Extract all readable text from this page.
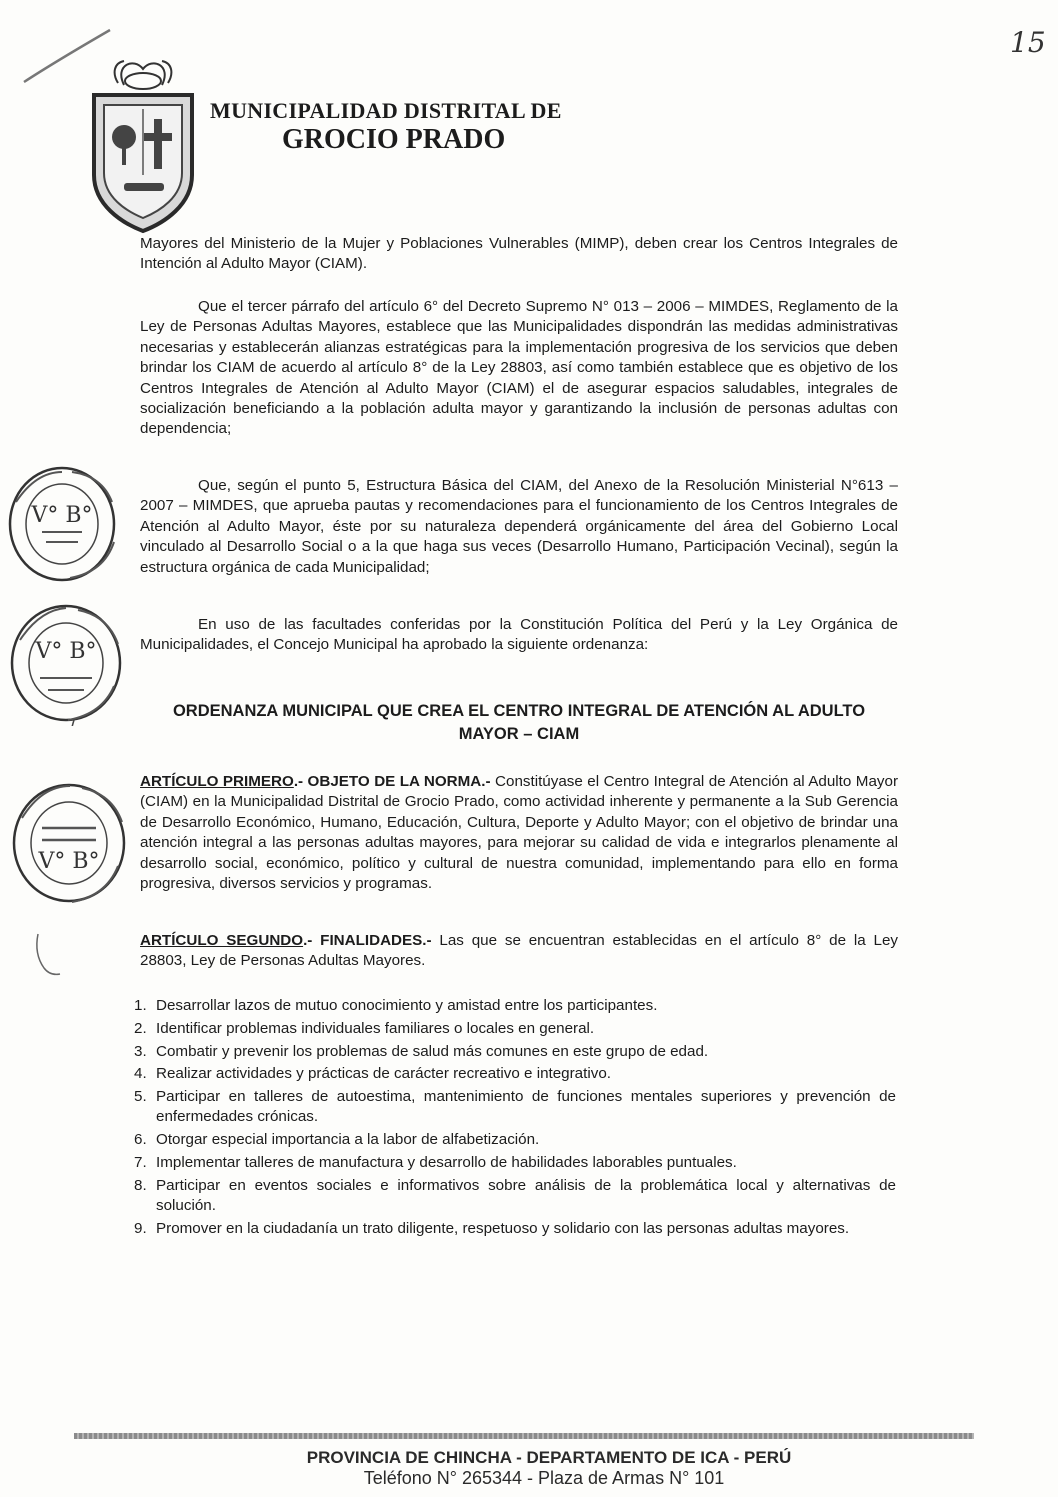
15
MUNICIPALIDAD DISTRITAL DE
GROCIO PRADO
Mayores del Ministerio de la Mujer y Poblaciones Vulnerables (MIMP), deben crear los Centros Integrales de Intención al Adulto Mayor (CIAM).
Que el tercer párrafo del artículo 6° del Decreto Supremo N° 013 – 2006 – MIMDES, Reglamento de la Ley de Personas Adultas Mayores, establece que las Municipalidades dispondrán las medidas administrativas necesarias y establecerán alianzas estratégicas para la implementación progresiva de los servicios que deben brindar los CIAM de acuerdo al artículo 8° de la Ley 28803, así como también establece que es objetivo de los Centros Integrales de Atención al Adulto Mayor (CIAM) el de asegurar espacios saludables, integrales de socialización beneficiando a la población adulta mayor y garantizando la inclusión de personas adultas con dependencia;
Que, según el punto 5, Estructura Básica del CIAM, del Anexo de la Resolución Ministerial N°613 – 2007 – MIMDES, que aprueba pautas y recomendaciones para el funcionamiento de los Centros Integrales de Atención al Adulto Mayor, éste por su naturaleza dependerá orgánicamente del área del Gobierno Local vinculado al Desarrollo Social o a la que haga sus veces (Desarrollo Humano, Participación Vecinal), según la estructura orgánica de cada Municipalidad;
En uso de las facultades conferidas por la Constitución Política del Perú y la Ley Orgánica de Municipalidades, el Concejo Municipal ha aprobado la siguiente ordenanza:
ORDENANZA MUNICIPAL QUE CREA EL CENTRO INTEGRAL DE ATENCIÓN AL ADULTO
MAYOR – CIAM
ARTÍCULO PRIMERO.- OBJETO DE LA NORMA.- Constitúyase el Centro Integral de Atención al Adulto Mayor (CIAM) en la Municipalidad Distrital de Grocio Prado, como actividad inherente y permanente a la Sub Gerencia de Desarrollo Económico, Humano, Educación, Cultura, Deporte y Adulto Mayor; con el objetivo de brindar una atención integral a las personas adultas mayores, para mejorar su calidad de vida e integrarlos plenamente al desarrollo social, económico, político y cultural de nuestra comunidad, implementando para ello en forma progresiva, diversos servicios y programas.
ARTÍCULO SEGUNDO.- FINALIDADES.- Las que se encuentran establecidas en el artículo 8° de la Ley 28803, Ley de Personas Adultas Mayores.
1. Desarrollar lazos de mutuo conocimiento y amistad entre los participantes.
2. Identificar problemas individuales familiares o locales en general.
3. Combatir y prevenir los problemas de salud más comunes en este grupo de edad.
4. Realizar actividades y prácticas de carácter recreativo e integrativo.
5. Participar en talleres de autoestima, mantenimiento de funciones mentales superiores y prevención de enfermedades crónicas.
6. Otorgar especial importancia a la labor de alfabetización.
7. Implementar talleres de manufactura y desarrollo de habilidades laborables puntuales.
8. Participar en eventos sociales e informativos sobre análisis de la problemática local y alternativas de solución.
9. Promover en la ciudadanía un trato diligente, respetuoso y solidario con las personas adultas mayores.
V° B°
V° B°
V° B°
PROVINCIA DE CHINCHA - DEPARTAMENTO DE ICA - PERÚ
Teléfono N° 265344 - Plaza de Armas N° 101
